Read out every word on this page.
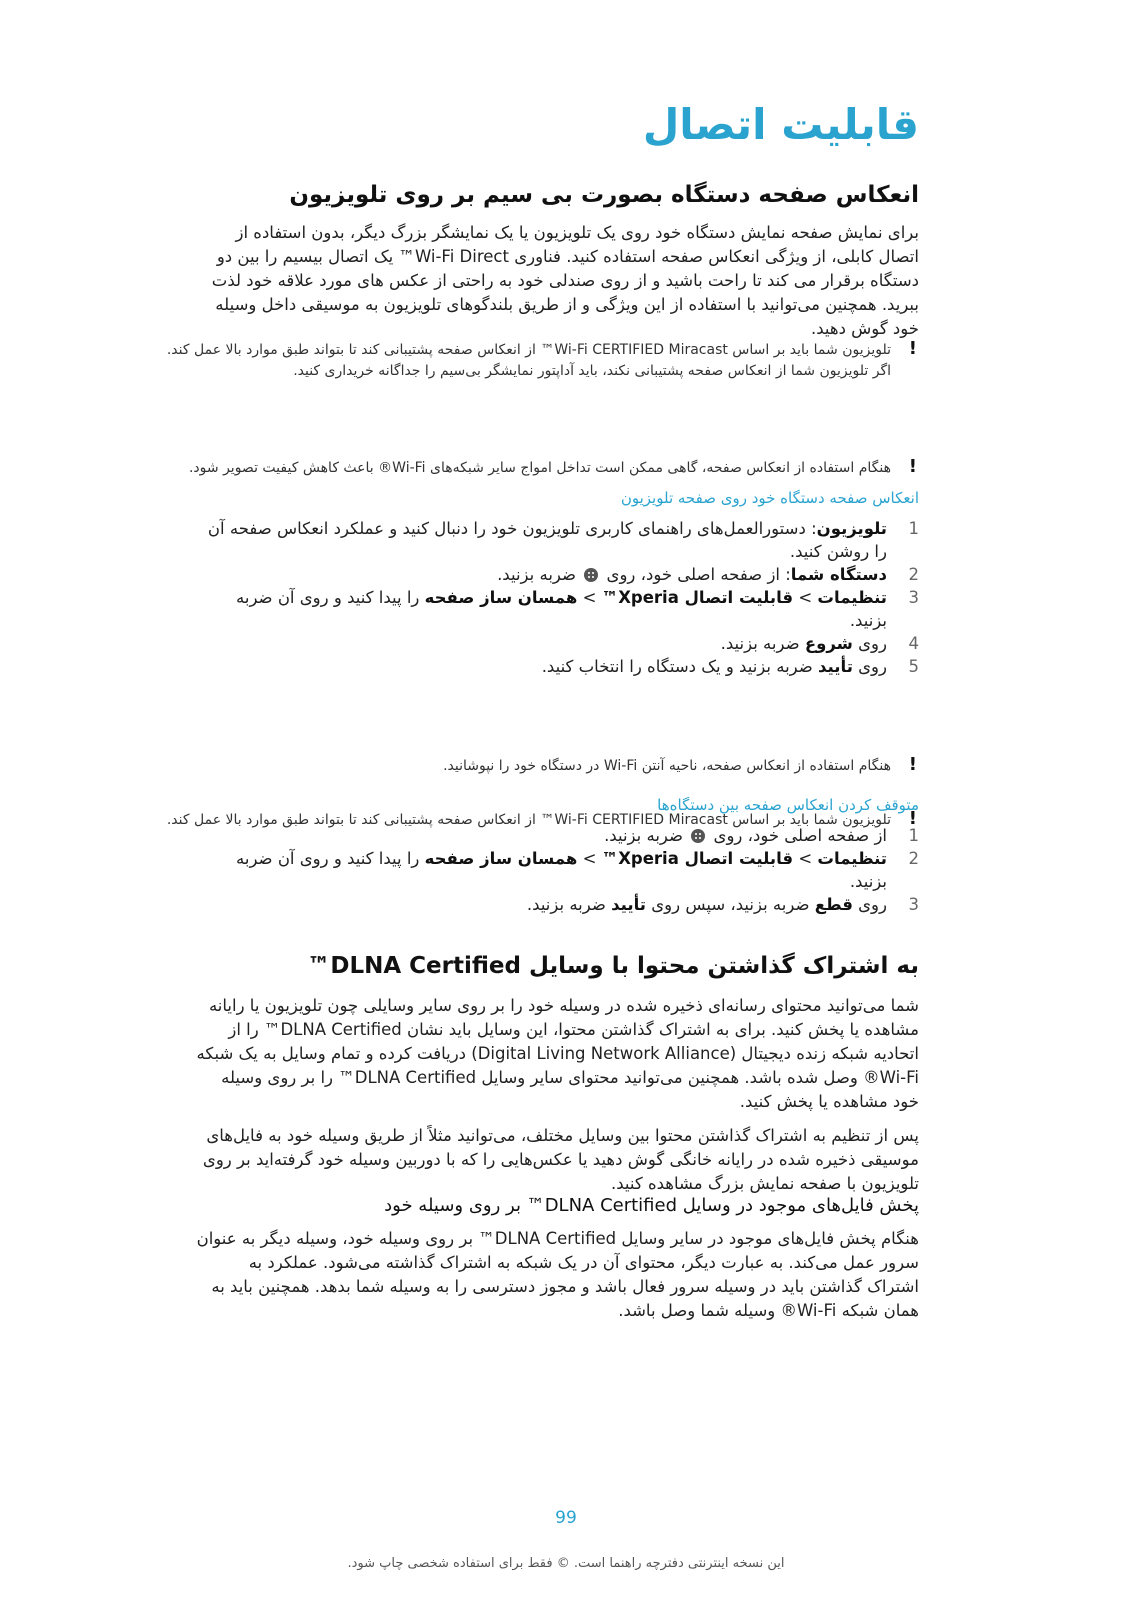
قابلیت اتصال
انعکاس صفحه دستگاه بصورت بی سیم بر روی تلویزیون

برای نمایش صفحه نمایش دستگاه خود روی یک تلویزیون یا یک نمایشگر بزرگ دیگر، بدون استفاده از اتصال کابلی، از ویژگی انعکاس صفحه استفاده کنید. فناوری Wi-Fi Direct™ یک اتصال بیسیم را بین دو دستگاه برقرار می کند تا راحت باشید و از روی صندلی خود به راحتی از عکس های مورد علاقه خود لذت ببرید. همچنین می‌توانید با استفاده از این ویژگی و از طریق بلندگوهای تلویزیون به موسیقی داخل وسیله خود گوش دهید.

!
تلویزیون شما باید بر اساس Wi-Fi CERTIFIED Miracast™ از انعکاس صفحه پشتیبانی کند تا بتواند طبق موارد بالا عمل کند. اگر تلویزیون شما از انعکاس صفحه پشتیبانی نکند، باید آداپتور نمایشگر بی‌سیم را جداگانه خریداری کنید.
!
هنگام استفاده از انعکاس صفحه، گاهی ممکن است تداخل امواج سایر شبکه‌های Wi-Fi® باعث کاهش کیفیت تصویر شود.
انعکاس صفحه دستگاه خود روی صفحه تلویزیون
1
تلویزیون: دستورالعمل‌های راهنمای کاربری تلویزیون خود را دنبال کنید و عملکرد انعکاس صفحه آن را روشن کنید.
2
دستگاه شما: از صفحه اصلی خود، روی  ضربه بزنید.
3
تنظیمات > قابلیت اتصال Xperia™ > همسان ساز صفحه را پیدا کنید و روی آن ضربه بزنید.
4
روی شروع ضربه بزنید.
5
روی تأیید ضربه بزنید و یک دستگاه را انتخاب کنید.
!
هنگام استفاده از انعکاس صفحه، ناحیه آنتن Wi-Fi در دستگاه خود را نپوشانید.
!
تلویزیون شما باید بر اساس Wi-Fi CERTIFIED Miracast™ از انعکاس صفحه پشتیبانی کند تا بتواند طبق موارد بالا عمل کند.
متوقف کردن انعکاس صفحه بین دستگاه‌ها
1
از صفحه اصلی خود، روی  ضربه بزنید.
2
تنظیمات > قابلیت اتصال Xperia™ > همسان ساز صفحه را پیدا کنید و روی آن ضربه بزنید.
3
روی قطع ضربه بزنید، سپس روی تأیید ضربه بزنید.
به اشتراک گذاشتن محتوا با وسایل DLNA Certified™

شما می‌توانید محتوای رسانه‌ای ذخیره شده در وسیله خود را بر روی سایر وسایلی چون تلویزیون یا رایانه مشاهده یا پخش کنید. برای به اشتراک گذاشتن محتوا، این وسایل باید نشان DLNA Certified™ را از اتحادیه شبکه زنده دیجیتال (Digital Living Network Alliance) دریافت کرده و تمام وسایل به یک شبکه Wi-Fi® وصل شده باشد. همچنین می‌توانید محتوای سایر وسایل DLNA Certified™ را بر روی وسیله خود مشاهده یا پخش کنید.

پس از تنظیم به اشتراک گذاشتن محتوا بین وسایل مختلف، می‌توانید مثلاً از طریق وسیله خود به فایل‌های موسیقی ذخیره شده در رایانه خانگی گوش دهید یا عکس‌هایی را که با دوربین وسیله خود گرفته‌اید بر روی تلویزیون با صفحه نمایش بزرگ مشاهده کنید.

پخش فایل‌های موجود در وسایل DLNA Certified™ بر روی وسیله خود

هنگام پخش فایل‌های موجود در سایر وسایل DLNA Certified™ بر روی وسیله خود، وسیله دیگر به عنوان سرور عمل می‌کند. به عبارت دیگر، محتوای آن در یک شبکه به اشتراک گذاشته می‌شود. عملکرد به اشتراک گذاشتن باید در وسیله سرور فعال باشد و مجوز دسترسی را به وسیله شما بدهد. همچنین باید به همان شبکه Wi-Fi® وسیله شما وصل باشد.

99
این نسخه اینترنتی دفترچه راهنما است. © فقط برای استفاده شخصی چاپ شود.
